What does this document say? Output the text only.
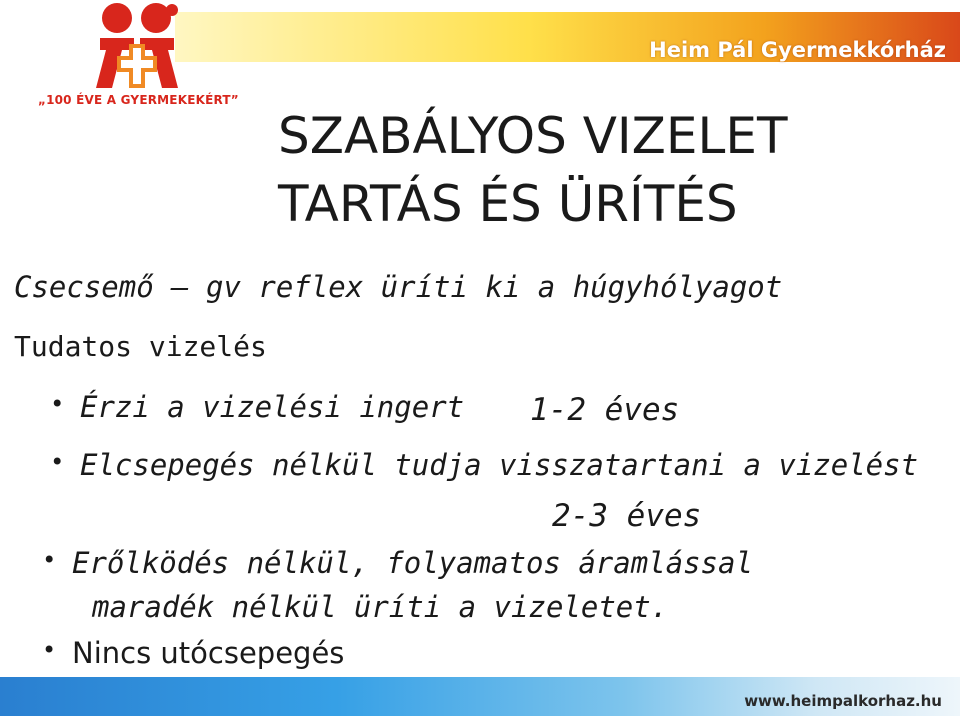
Heim Pál Gyermekkórház
„100 ÉVE A GYERMEKEKÉRT”
SZABÁLYOS VIZELET
TARTÁS ÉS ÜRÍTÉS
Csecsemő – gv reflex üríti ki a húgyhólyagot
Tudatos vizelés
• Érzi a vizelési ingert 1-2 éves
• Elcsepegés nélkül tudja visszatartani a vizelést
2-3 éves
• Erőlködés nélkül, folyamatos áramlással
maradék nélkül üríti a vizeletet.
• Nincs utócsepegés
www.heimpalkorhaz.hu
